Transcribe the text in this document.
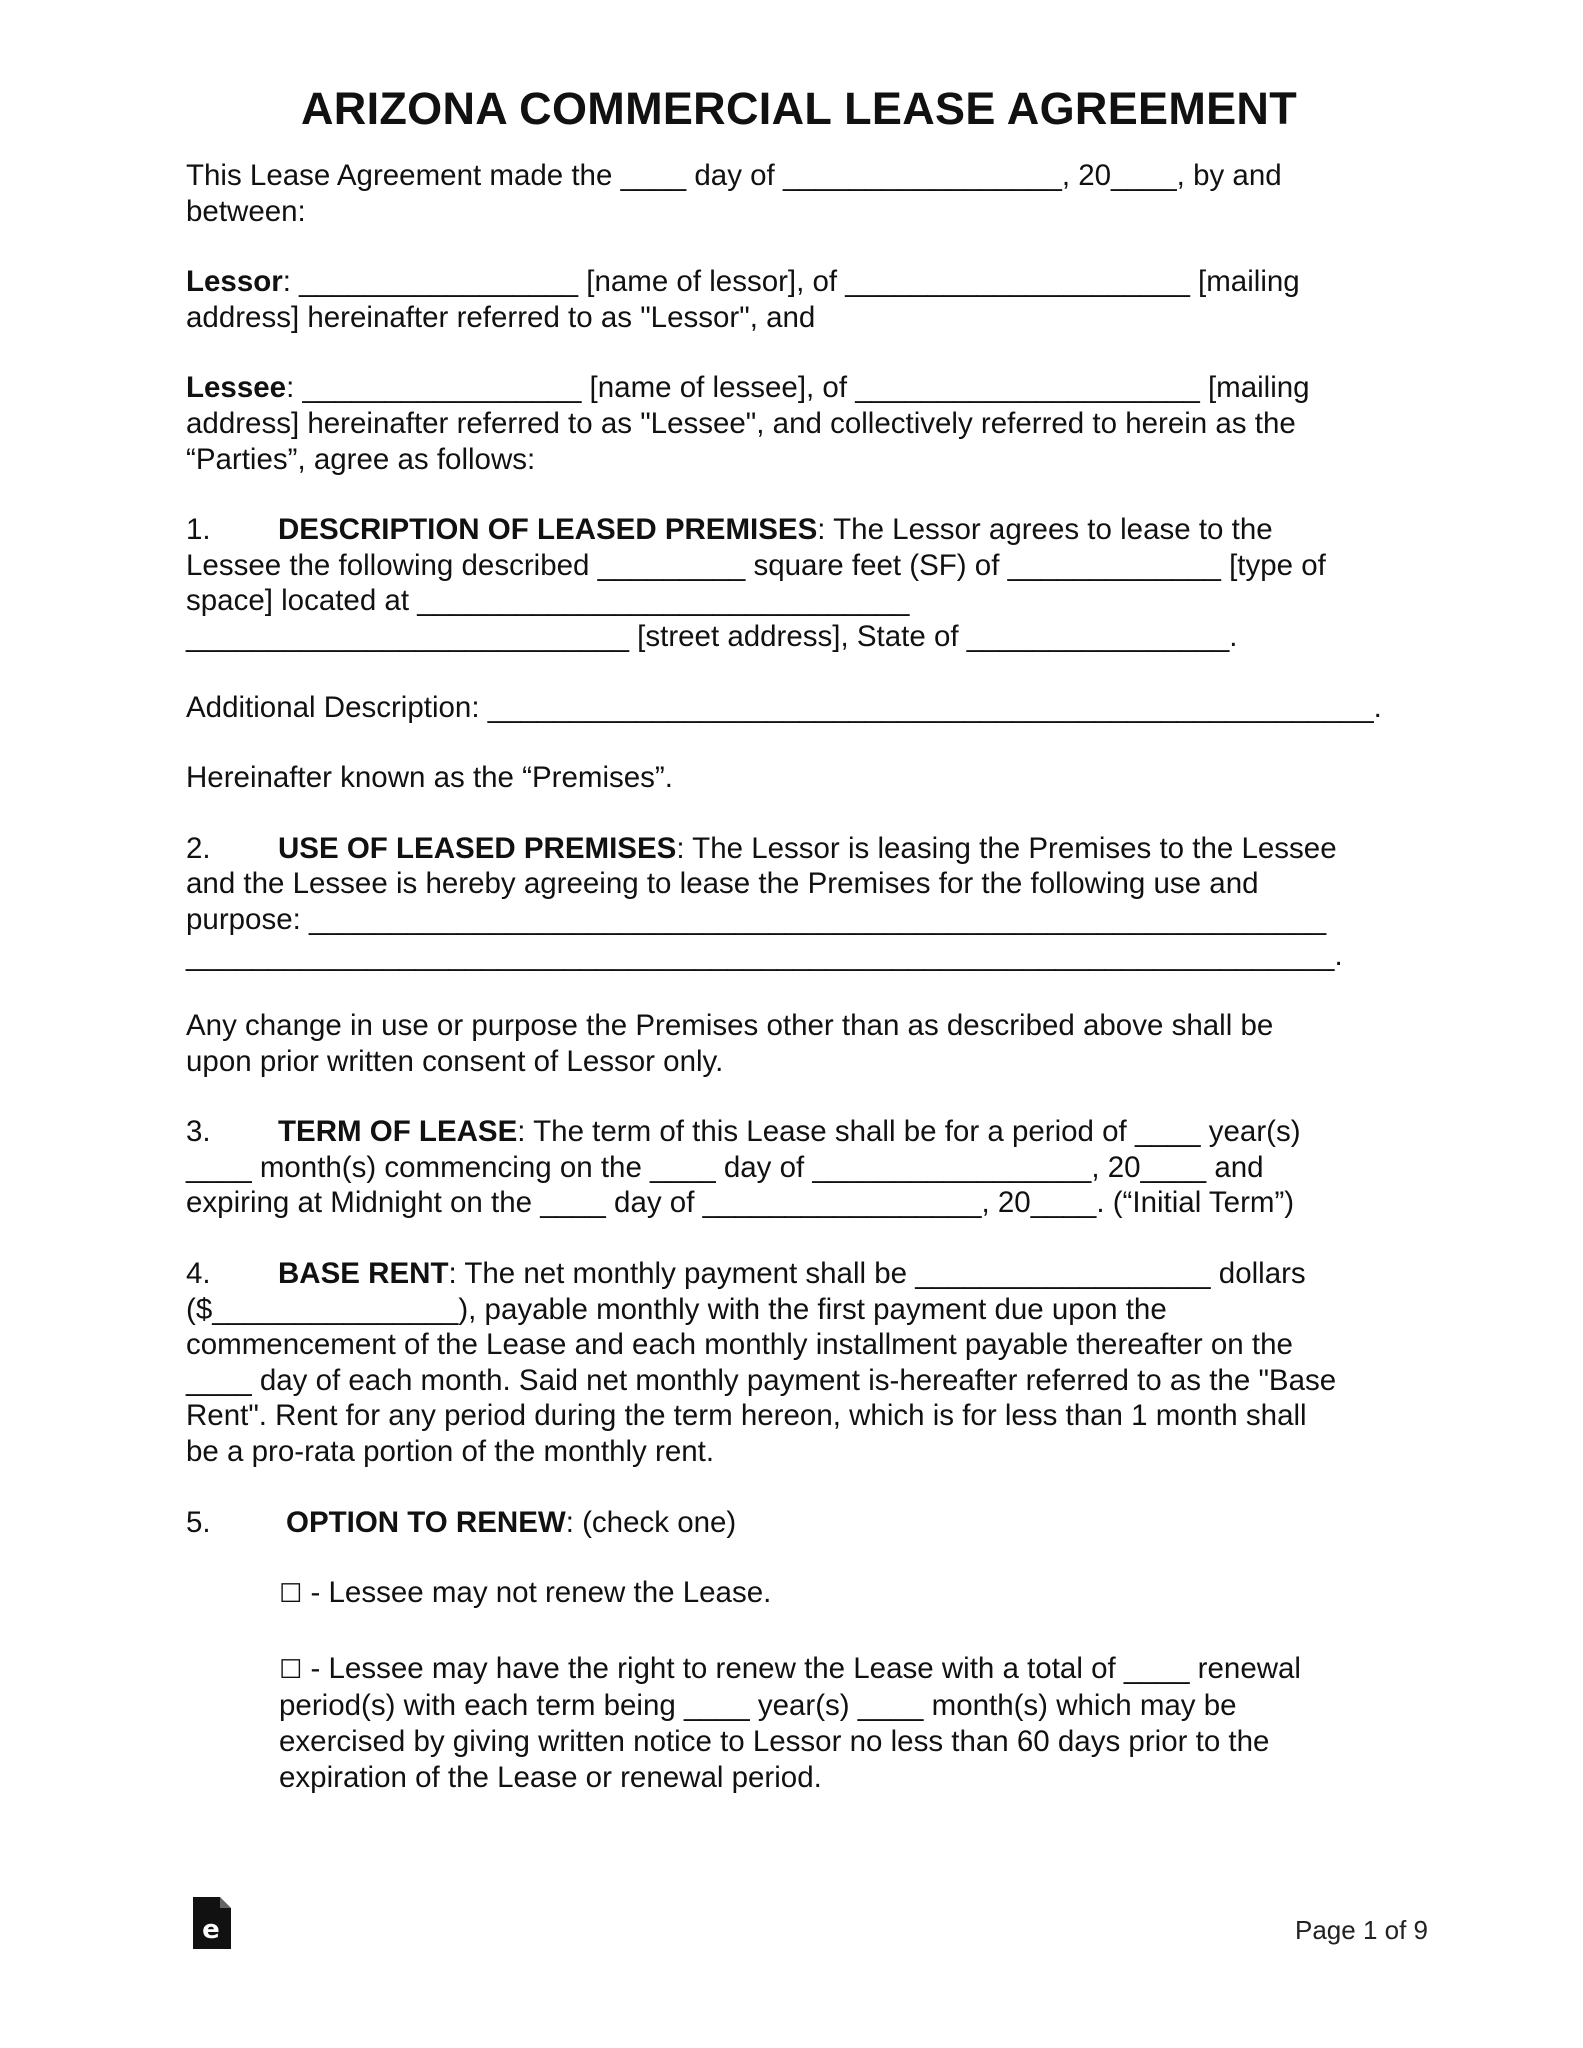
ARIZONA COMMERCIAL LEASE AGREEMENT

This Lease Agreement made the ____ day of _________________, 20____, by and
between:

Lessor: _________________ [name of lessor], of _____________________ [mailing
address] hereinafter referred to as "Lessor", and

Lessee: _________________ [name of lessee], of _____________________ [mailing
address] hereinafter referred to as "Lessee", and collectively referred to herein as the
“Parties”, agree as follows:

1. DESCRIPTION OF LEASED PREMISES: The Lessor agrees to lease to the
Lessee the following described _________ square feet (SF) of _____________ [type of
space] located at ______________________________
___________________________ [street address], State of ________________.

Additional Description: ______________________________________________________.

Hereinafter known as the “Premises”.

2. USE OF LEASED PREMISES: The Lessor is leasing the Premises to the Lessee
and the Lessee is hereby agreeing to lease the Premises for the following use and
purpose: ______________________________________________________________
______________________________________________________________________.

Any change in use or purpose the Premises other than as described above shall be
upon prior written consent of Lessor only.

3. TERM OF LEASE: The term of this Lease shall be for a period of ____ year(s)
____ month(s) commencing on the ____ day of _________________, 20____ and
expiring at Midnight on the ____ day of _________________, 20____. (“Initial Term”)

4. BASE RENT: The net monthly payment shall be __________________ dollars
($_______________), payable monthly with the first payment due upon the
commencement of the Lease and each monthly installment payable thereafter on the
____ day of each month. Said net monthly payment is-hereafter referred to as the "Base
Rent". Rent for any period during the term hereon, which is for less than 1 month shall
be a pro-rata portion of the monthly rent.

5.	OPTION TO RENEW: (check one)

☐ - Lessee may not renew the Lease.

☐ - Lessee may have the right to renew the Lease with a total of ____ renewal
period(s) with each term being ____ year(s) ____ month(s) which may be
exercised by giving written notice to Lessor no less than 60 days prior to the
expiration of the Lease or renewal period.

e	Page 1 of 9
